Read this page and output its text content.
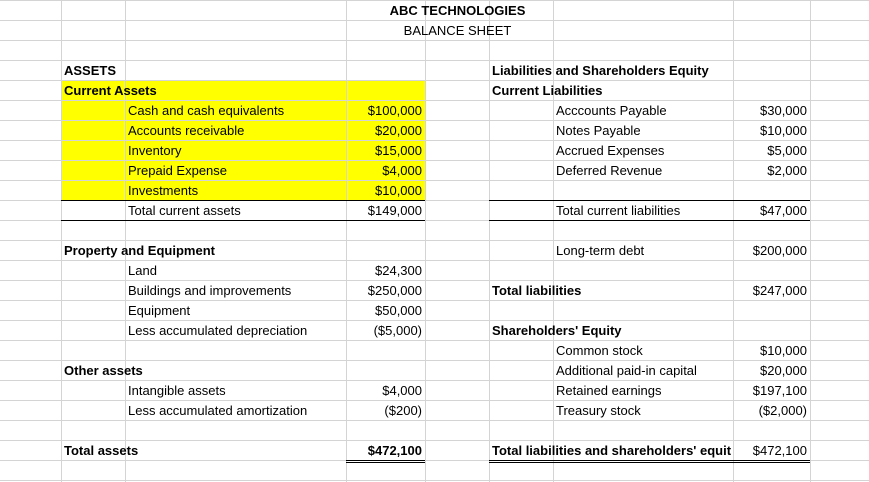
ABC TECHNOLOGIES
BALANCE SHEET
ASSETS
Current Assets
Cash and cash equivalents	$100,000
Accounts receivable	$20,000
Inventory	$15,000
Prepaid Expense	$4,000
Investments	$10,000
Total current assets	$149,000
Property and Equipment
Land	$24,300
Buildings and improvements	$250,000
Equipment	$50,000
Less accumulated depreciation	($5,000)
Other assets
Intangible assets	$4,000
Less accumulated amortization	($200)
Total assets	$472,100
Liabilities and Shareholders Equity
Current Liabilities
Acccounts Payable	$30,000
Notes Payable	$10,000
Accrued Expenses	$5,000
Deferred Revenue	$2,000
Total current liabilities	$47,000
Long-term debt	$200,000
Total liabilities	$247,000
Shareholders' Equity
Common stock	$10,000
Additional paid-in capital	$20,000
Retained earnings	$197,100
Treasury stock	($2,000)
Total liabilities and shareholders' equit	$472,100
